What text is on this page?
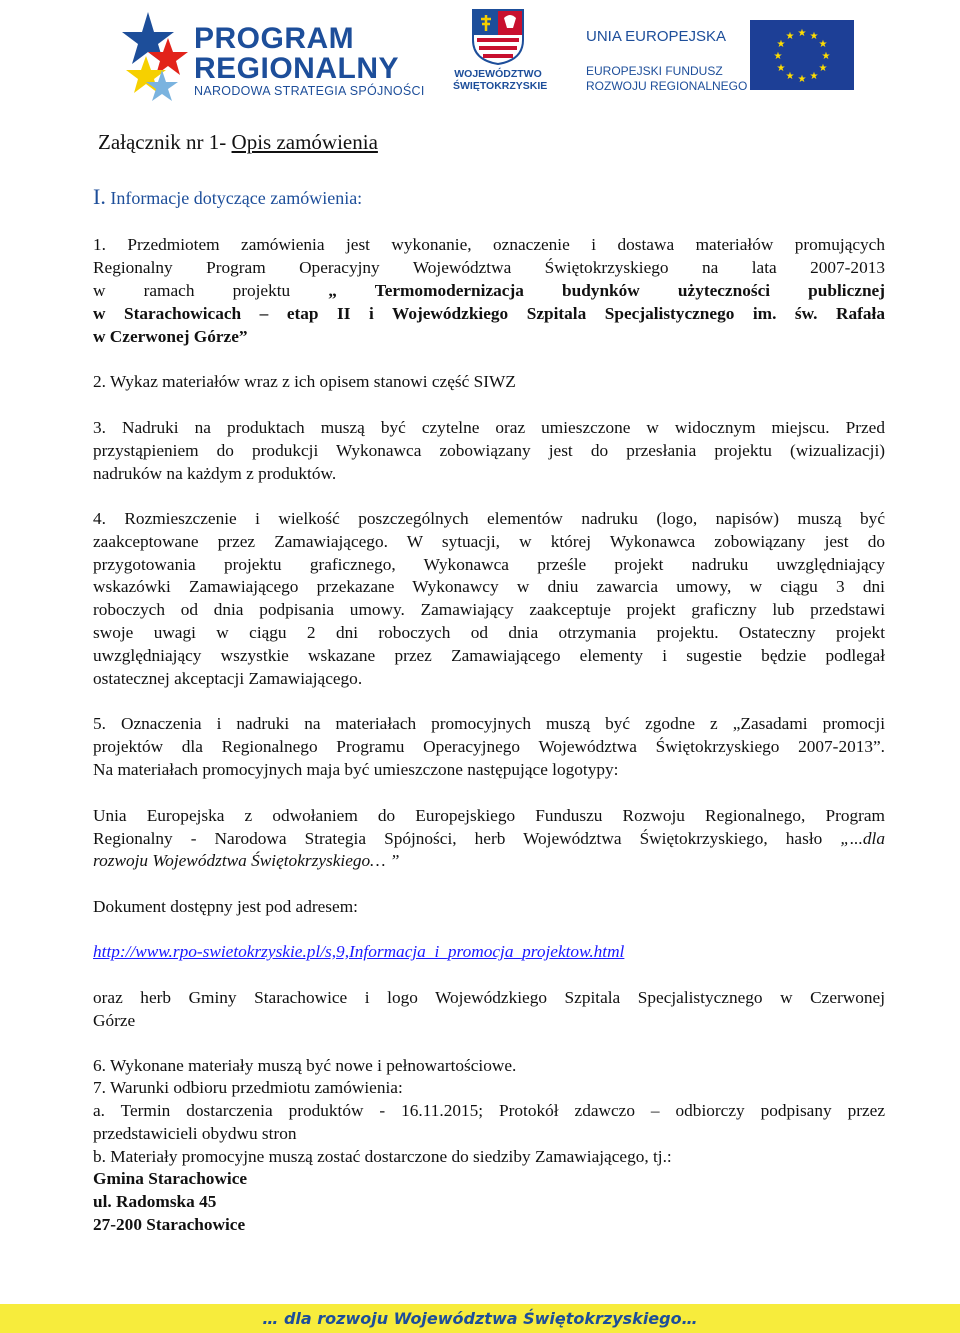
PROGRAM
REGIONALNY
NARODOWA STRATEGIA SPÓJNOŚCI
WOJEWÓDZTWO
ŚWIĘTOKRZYSKIE
UNIA EUROPEJSKA
EUROPEJSKI FUNDUSZ
ROZWOJU REGIONALNEGO
★ ★
★
★
★
★
★
★
★
★
★
★
Załącznik nr 1- Opis zamówienia
I. Informacje dotyczące zamówienia:
1. Przedmiotem zamówienia jest wykonanie, oznaczenie i dostawa materiałów promujących
Regionalny Program Operacyjny Województwa Świętokrzyskiego na lata 2007-2013
w ramach projektu „ Termomodernizacja budynków użyteczności publicznej
w Starachowicach – etap II i Wojewódzkiego Szpitala Specjalistycznego im. św. Rafała
w Czerwonej Górze”
2. Wykaz materiałów wraz z ich opisem stanowi część SIWZ
3. Nadruki na produktach muszą być czytelne oraz umieszczone w widocznym miejscu. Przed
przystąpieniem do produkcji Wykonawca zobowiązany jest do przesłania projektu (wizualizacji)
nadruków na każdym z produktów.
4. Rozmieszczenie i wielkość poszczególnych elementów nadruku (logo, napisów) muszą być
zaakceptowane przez Zamawiającego. W sytuacji, w której Wykonawca zobowiązany jest do
przygotowania projektu graficznego, Wykonawca prześle projekt nadruku uwzględniający
wskazówki Zamawiającego przekazane Wykonawcy w dniu zawarcia umowy, w ciągu 3 dni
roboczych od dnia podpisania umowy. Zamawiający zaakceptuje projekt graficzny lub przedstawi
swoje uwagi w ciągu 2 dni roboczych od dnia otrzymania projektu. Ostateczny projekt
uwzględniający wszystkie wskazane przez Zamawiającego elementy i sugestie będzie podlegał
ostatecznej akceptacji Zamawiającego.
5. Oznaczenia i nadruki na materiałach promocyjnych muszą być zgodne z „Zasadami promocji
projektów dla Regionalnego Programu Operacyjnego Województwa Świętokrzyskiego 2007-2013”.
Na materiałach promocyjnych maja być umieszczone następujące logotypy:
Unia Europejska z odwołaniem do Europejskiego Funduszu Rozwoju Regionalnego, Program
Regionalny - Narodowa Strategia Spójności, herb Województwa Świętokrzyskiego, hasło „...dla
rozwoju Województwa Świętokrzyskiego… ”
Dokument dostępny jest pod adresem:
http://www.rpo-swietokrzyskie.pl/s,9,Informacja_i_promocja_projektow.html
oraz herb Gminy Starachowice i logo Wojewódzkiego Szpitala Specjalistycznego w Czerwonej
Górze
6. Wykonane materiały muszą być nowe i pełnowartościowe.
7. Warunki odbioru przedmiotu zamówienia:
a. Termin dostarczenia produktów - 16.11.2015; Protokół zdawczo – odbiorczy podpisany przez
przedstawicieli obydwu stron
b. Materiały promocyjne muszą zostać dostarczone do siedziby Zamawiającego, tj.:
Gmina Starachowice
ul. Radomska 45
27-200 Starachowice
… dla rozwoju Województwa Świętokrzyskiego…
